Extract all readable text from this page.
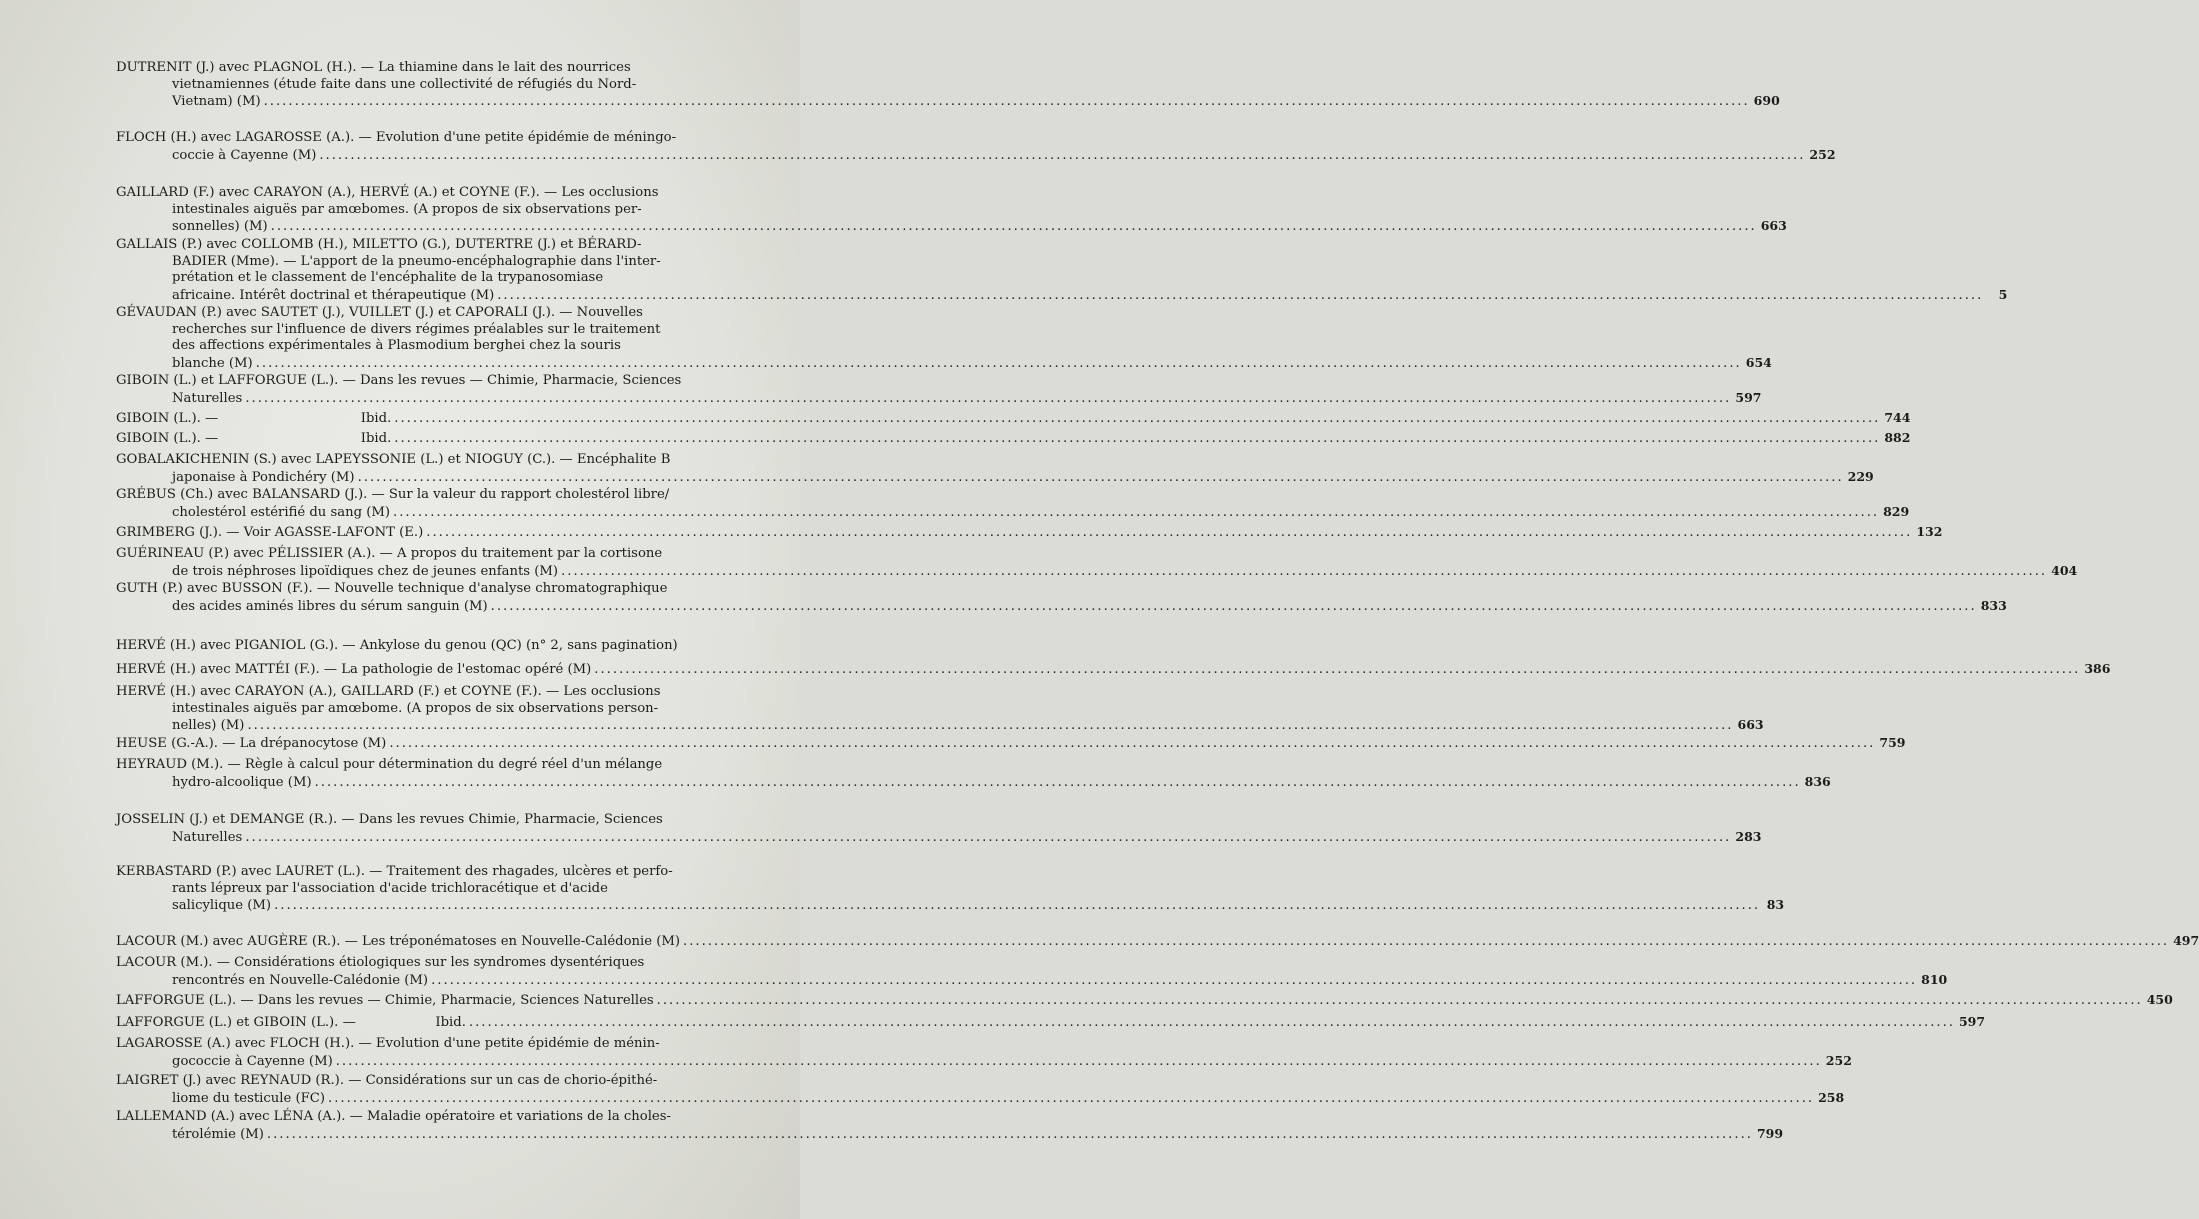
DUTRENIT (J.) avec PLAGNOL (H.). — La thiamine dans le lait des nourrices
vietnamiennes (étude faite dans une collectivité de réfugiés du Nord-
Vietnam) (M) .....	690
FLOCH (H.) avec LAGAROSSE (A.). — Evolution d'une petite épidémie de méningo-
coccie à Cayenne (M) .....	252
GAILLARD (F.) avec CARAYON (A.), HERVÉ (A.) et COYNE (F.). — Les occlusions
intestinales aiguës par amœbomes. (A propos de six observations per-
sonnelles) (M) .....	663
GALLAIS (P.) avec COLLOMB (H.), MILETTO (G.), DUTERTRE (J.) et BÉRARD-
BADIER (Mme). — L'apport de la pneumo-encéphalographie dans l'inter-
prétation et le classement de l'encéphalite de la trypanosomiase
africaine. Intérêt doctrinal et thérapeutique (M) .....	5
GÉVAUDAN (P.) avec SAUTET (J.), VUILLET (J.) et CAPORALI (J.). — Nouvelles
recherches sur l'influence de divers régimes préalables sur le traitement
des affections expérimentales à Plasmodium berghei chez la souris
blanche (M) .....	654
GIBOIN (L.) et LAFFORGUE (L.). — Dans les revues — Chimie, Pharmacie, Sciences
Naturelles .....	597
GIBOIN (L.). —                                  Ibid. .....	744
GIBOIN (L.). —                                  Ibid. .....	882
GOBALAKICHENIN (S.) avec LAPEYSSONIE (L.) et NIOGUY (C.). — Encéphalite B
japonaise à Pondichéry (M) .....	229
GRÉBUS (Ch.) avec BALANSARD (J.). — Sur la valeur du rapport cholestérol libre/
cholestérol estérifié du sang (M) .....	829
GRIMBERG (J.). — Voir AGASSE-LAFONT (E.) .....	132
GUÉRINEAU (P.) avec PÉLISSIER (A.). — A propos du traitement par la cortisone
de trois néphroses lipoïdiques chez de jeunes enfants (M) .....	404
GUTH (P.) avec BUSSON (F.). — Nouvelle technique d'analyse chromatographique
des acides aminés libres du sérum sanguin (M) .....	833
HERVÉ (H.) avec PIGANIOL (G.). — Ankylose du genou (QC) (n° 2, sans pagination)
HERVÉ (H.) avec MATTÉI (F.). — La pathologie de l'estomac opéré (M) .....	386
HERVÉ (H.) avec CARAYON (A.), GAILLARD (F.) et COYNE (F.). — Les occlusions
intestinales aiguës par amœbome. (A propos de six observations person-
nelles) (M) .....	663
HEUSE (G.-A.). — La drépanocytose (M) .....	759
HEYRAUD (M.). — Règle à calcul pour détermination du degré réel d'un mélange
hydro-alcoolique (M) .....	836
JOSSELIN (J.) et DEMANGE (R.). — Dans les revues Chimie, Pharmacie, Sciences
Naturelles .....	283
KERBASTARD (P.) avec LAURET (L.). — Traitement des rhagades, ulcères et perfo-
rants lépreux par l'association d'acide trichloracétique et d'acide
salicylique (M) .....	83
LACOUR (M.) avec AUGÈRE (R.). — Les tréponématoses en Nouvelle-Calédonie (M) .....	497
LACOUR (M.). — Considérations étiologiques sur les syndromes dysentériques
rencontrés en Nouvelle-Calédonie (M) .....	810
LAFFORGUE (L.). — Dans les revues — Chimie, Pharmacie, Sciences Naturelles .....	450
LAFFORGUE (L.) et GIBOIN (L.). —                   Ibid. .....	597
LAGAROSSE (A.) avec FLOCH (H.). — Evolution d'une petite épidémie de ménin-
gococcie à Cayenne (M) .....	252
LAIGRET (J.) avec REYNAUD (R.). — Considérations sur un cas de chorio-épithé-
liome du testicule (FC) .....	258
LALLEMAND (A.) avec LÉNA (A.). — Maladie opératoire et variations de la choles-
térolémie (M) .....	799
